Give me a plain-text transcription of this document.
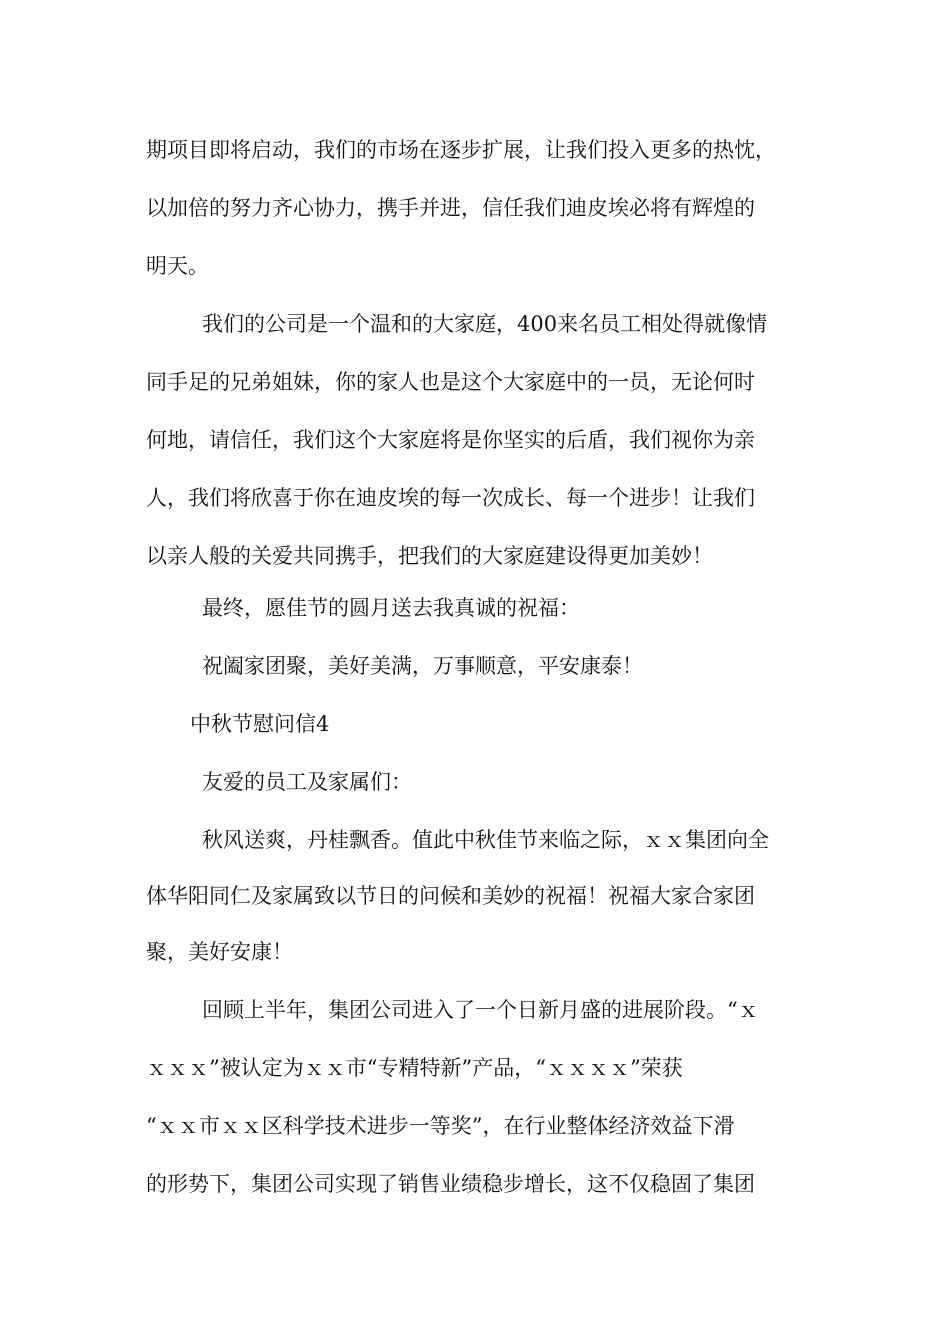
期项目即将启动，我们的市场在逐步扩展，让我们投入更多的热忱，
以加倍的努力齐心协力，携手并进，信任我们迪皮埃必将有辉煌的
明天。
我们的公司是一个温和的大家庭，400来名员工相处得就像情
同手足的兄弟姐妹，你的家人也是这个大家庭中的一员，无论何时
何地，请信任，我们这个大家庭将是你坚实的后盾，我们视你为亲
人，我们将欣喜于你在迪皮埃的每一次成长、每一个进步！让我们
以亲人般的关爱共同携手，把我们的大家庭建设得更加美妙！
最终，愿佳节的圆月送去我真诚的祝福：
祝阖家团聚，美好美满，万事顺意，平安康泰！
中秋节慰问信4
友爱的员工及家属们：
秋风送爽，丹桂飘香。值此中秋佳节来临之际，ｘｘ集团向全
体华阳同仁及家属致以节日的问候和美妙的祝福！祝福大家合家团
聚，美好安康！
回顾上半年，集团公司进入了一个日新月盛的进展阶段。“ｘ
ｘｘｘ”被认定为ｘｘ市“专精特新”产品，“ｘｘｘｘ”荣获
“ｘｘ市ｘｘ区科学技术进步一等奖”，在行业整体经济效益下滑
的形势下，集团公司实现了销售业绩稳步增长，这不仅稳固了集团
